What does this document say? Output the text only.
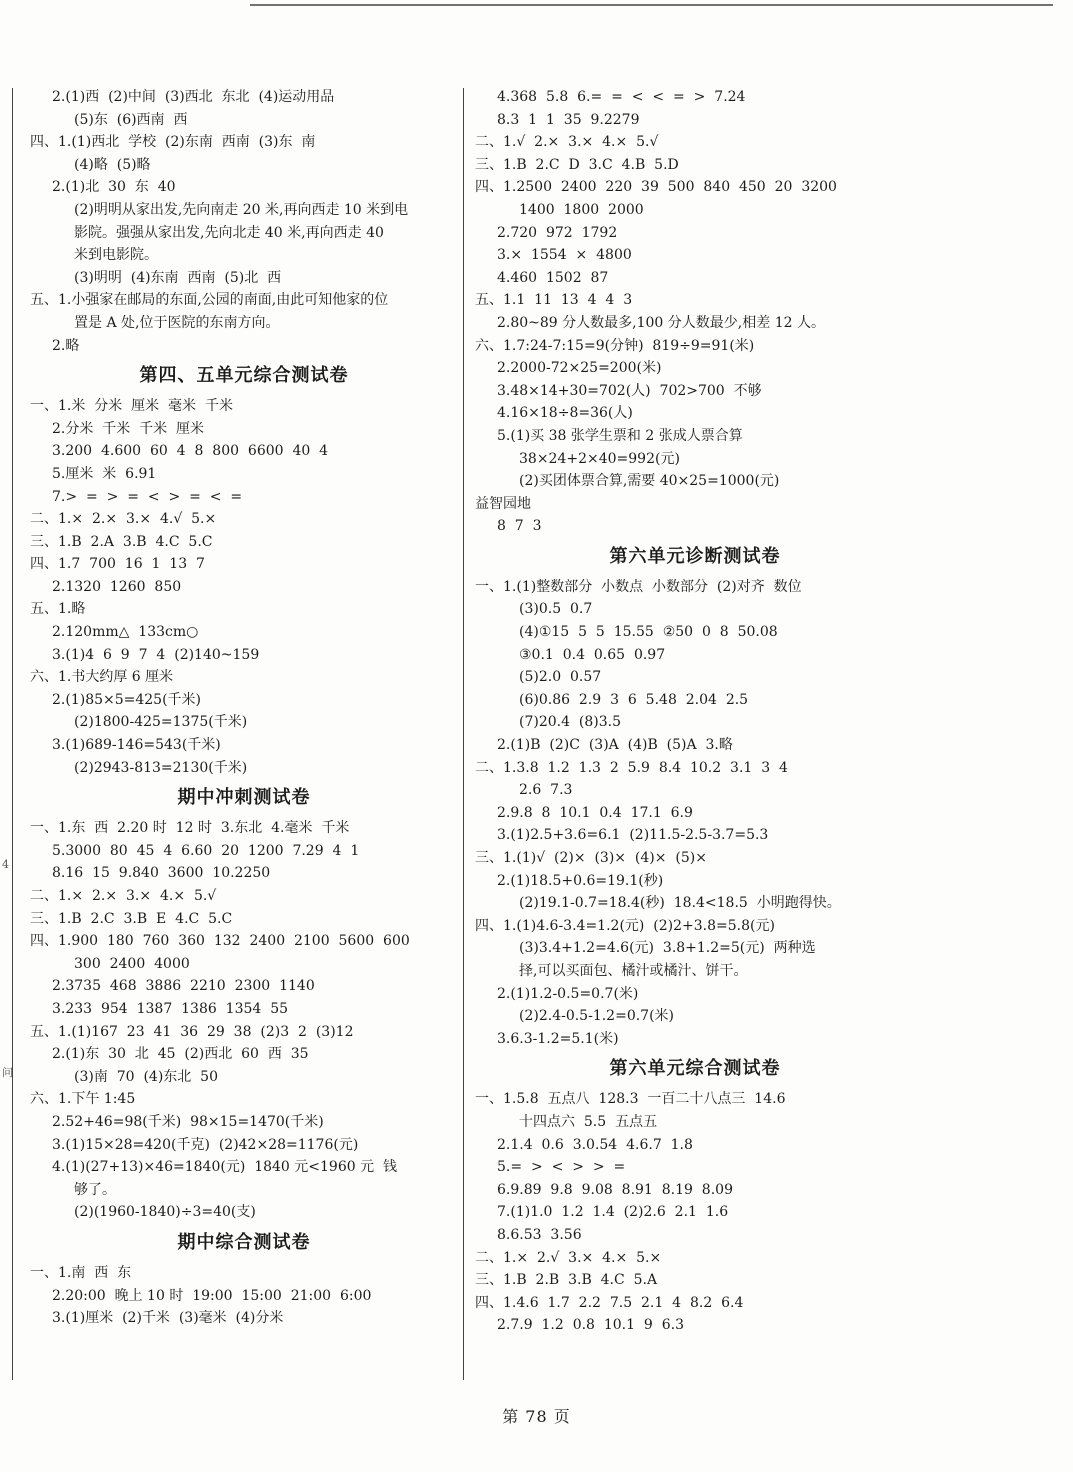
4
问
2.(1)西  (2)中间  (3)西北  东北  (4)运动用品
(5)东  (6)西南  西
四、1.(1)西北  学校  (2)东南  西南  (3)东  南
(4)略  (5)略
2.(1)北  30  东  40
(2)明明从家出发,先向南走 20 米,再向西走 10 米到电
影院。强强从家出发,先向北走 40 米,再向西走 40
米到电影院。
(3)明明  (4)东南  西南  (5)北  西
五、1.小强家在邮局的东面,公园的南面,由此可知他家的位
置是 A 处,位于医院的东南方向。
2.略
第四、五单元综合测试卷
一、1.米  分米  厘米  毫米  千米
2.分米  千米  千米  厘米
3.200  4.600  60  4  8  800  6600  40  4
5.厘米  米  6.91
7.>  =  >  =  <  >  =  <  =
二、1.×  2.×  3.×  4.√  5.×
三、1.B  2.A  3.B  4.C  5.C
四、1.7  700  16  1  13  7
2.1320  1260  850
五、1.略
2.120mm△  133cm○
3.(1)4  6  9  7  4  (2)140~159
六、1.书大约厚 6 厘米
2.(1)85×5=425(千米)
(2)1800-425=1375(千米)
3.(1)689-146=543(千米)
(2)2943-813=2130(千米)
期中冲刺测试卷
一、1.东  西  2.20 时  12 时  3.东北  4.毫米  千米
5.3000  80  45  4  6.60  20  1200  7.29  4  1
8.16  15  9.840  3600  10.2250
二、1.×  2.×  3.×  4.×  5.√
三、1.B  2.C  3.B  E  4.C  5.C
四、1.900  180  760  360  132  2400  2100  5600  600
300  2400  4000
2.3735  468  3886  2210  2300  1140
3.233  954  1387  1386  1354  55
五、1.(1)167  23  41  36  29  38  (2)3  2  (3)12
2.(1)东  30  北  45  (2)西北  60  西  35
(3)南  70  (4)东北  50
六、1.下午 1:45
2.52+46=98(千米)  98×15=1470(千米)
3.(1)15×28=420(千克)  (2)42×28=1176(元)
4.(1)(27+13)×46=1840(元)  1840 元<1960 元  钱
够了。
(2)(1960-1840)÷3=40(支)
期中综合测试卷
一、1.南  西  东
2.20:00  晚上 10 时  19:00  15:00  21:00  6:00
3.(1)厘米  (2)千米  (3)毫米  (4)分米
4.368  5.8  6.=  =  <  <  =  >  7.24
8.3  1  1  35  9.2279
二、1.√  2.×  3.×  4.×  5.√
三、1.B  2.C  D  3.C  4.B  5.D
四、1.2500  2400  220  39  500  840  450  20  3200
1400  1800  2000
2.720  972  1792
3.×  1554  ×  4800
4.460  1502  87
五、1.1  11  13  4  4  3
2.80~89 分人数最多,100 分人数最少,相差 12 人。
六、1.7:24-7:15=9(分钟)  819÷9=91(米)
2.2000-72×25=200(米)
3.48×14+30=702(人)  702>700  不够
4.16×18÷8=36(人)
5.(1)买 38 张学生票和 2 张成人票合算
38×24+2×40=992(元)
(2)买团体票合算,需要 40×25=1000(元)
益智园地
8  7  3
第六单元诊断测试卷
一、1.(1)整数部分  小数点  小数部分  (2)对齐  数位
(3)0.5  0.7
(4)①15  5  5  15.55  ②50  0  8  50.08
③0.1  0.4  0.65  0.97
(5)2.0  0.57
(6)0.86  2.9  3  6  5.48  2.04  2.5
(7)20.4  (8)3.5
2.(1)B  (2)C  (3)A  (4)B  (5)A  3.略
二、1.3.8  1.2  1.3  2  5.9  8.4  10.2  3.1  3  4
2.6  7.3
2.9.8  8  10.1  0.4  17.1  6.9
3.(1)2.5+3.6=6.1  (2)11.5-2.5-3.7=5.3
三、1.(1)√  (2)×  (3)×  (4)×  (5)×
2.(1)18.5+0.6=19.1(秒)
(2)19.1-0.7=18.4(秒)  18.4<18.5  小明跑得快。
四、1.(1)4.6-3.4=1.2(元)  (2)2+3.8=5.8(元)
(3)3.4+1.2=4.6(元)  3.8+1.2=5(元)  两种选
择,可以买面包、橘汁或橘汁、饼干。
2.(1)1.2-0.5=0.7(米)
(2)2.4-0.5-1.2=0.7(米)
3.6.3-1.2=5.1(米)
第六单元综合测试卷
一、1.5.8  五点八  128.3  一百二十八点三  14.6
十四点六  5.5  五点五
2.1.4  0.6  3.0.54  4.6.7  1.8
5.=  >  <  >  >  =
6.9.89  9.8  9.08  8.91  8.19  8.09
7.(1)1.0  1.2  1.4  (2)2.6  2.1  1.6
8.6.53  3.56
二、1.×  2.√  3.×  4.×  5.×
三、1.B  2.B  3.B  4.C  5.A
四、1.4.6  1.7  2.2  7.5  2.1  4  8.2  6.4
2.7.9  1.2  0.8  10.1  9  6.3
第 78 页
